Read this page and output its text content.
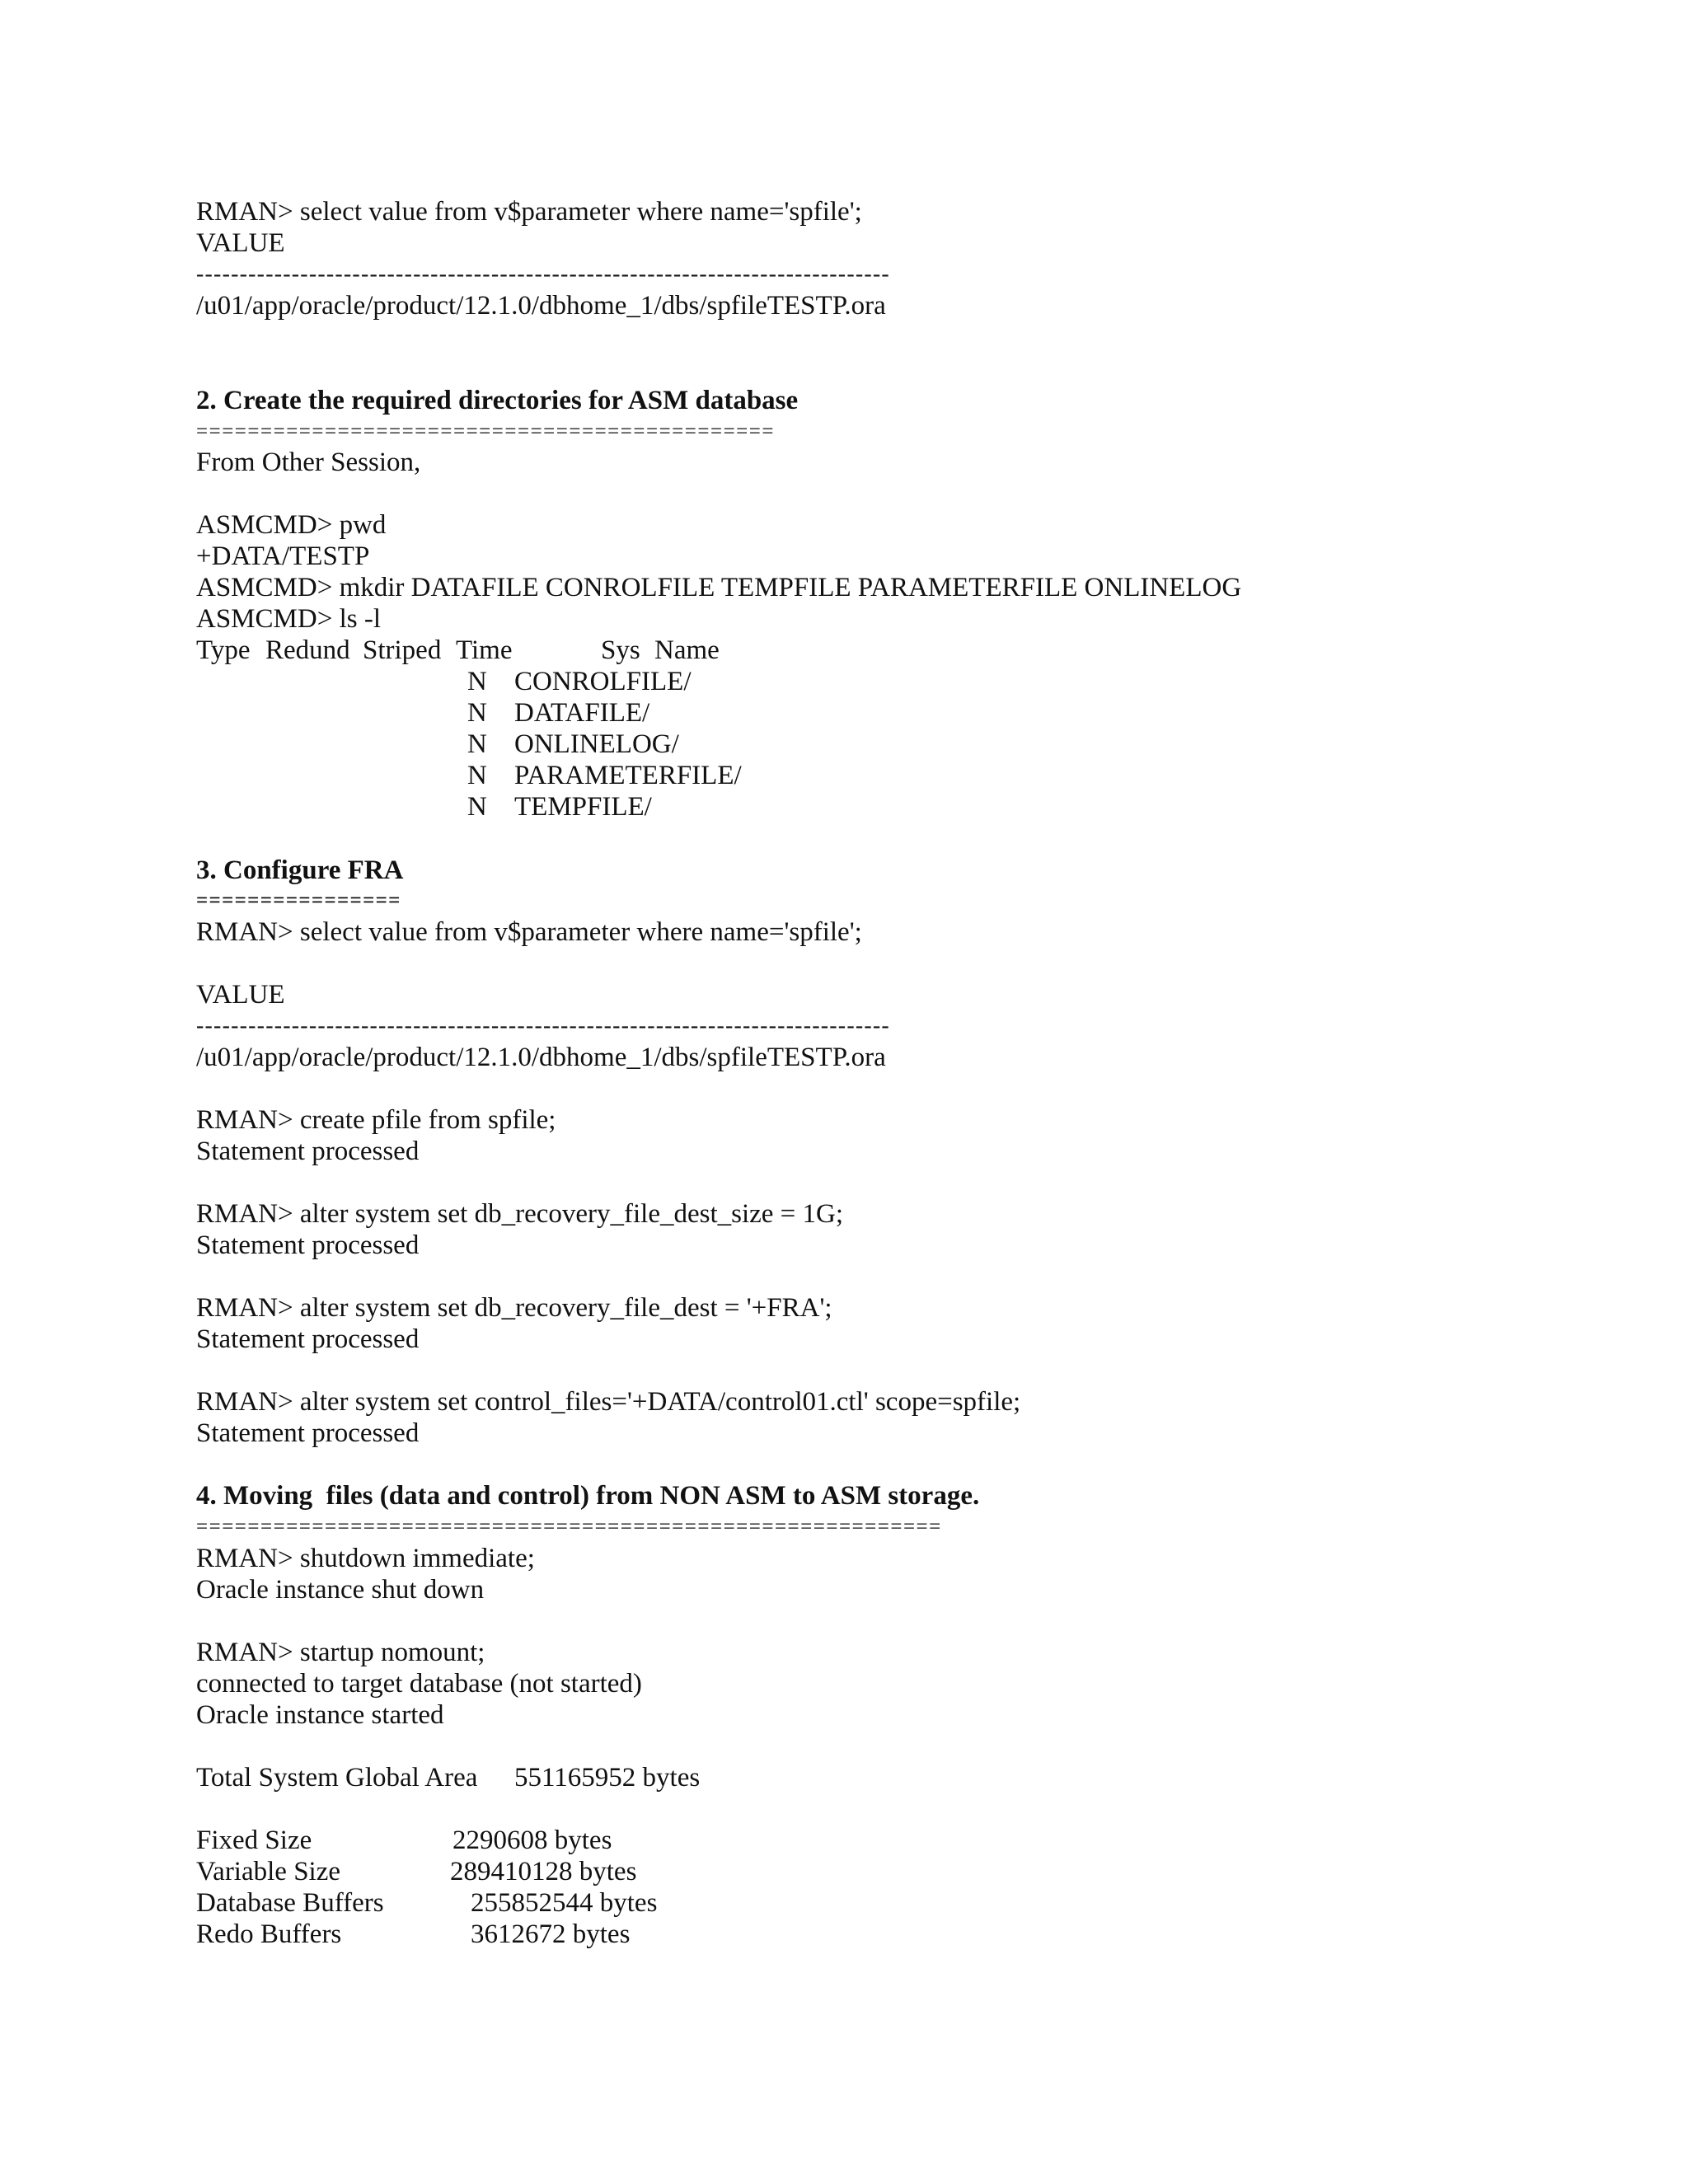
RMAN> select value from v$parameter where name='spfile';

VALUE

--------------------------------------------------------------------------------

/u01/app/oracle/product/12.1.0/dbhome_1/dbs/spfileTESTP.ora

2. Create the required directories for ASM database

=============================================

From Other Session,

ASMCMD> pwd

+DATA/TESTP

ASMCMD> mkdir DATAFILE CONROLFILE TEMPFILE PARAMETERFILE ONLINELOG

ASMCMD> ls -l

Type Redund Striped Time	Sys Name

N CONROLFILE/

N DATAFILE/

N ONLINELOG/

N PARAMETERFILE/

N TEMPFILE/

3. Configure FRA

================

RMAN> select value from v$parameter where name='spfile';

VALUE

--------------------------------------------------------------------------------

/u01/app/oracle/product/12.1.0/dbhome_1/dbs/spfileTESTP.ora

RMAN> create pfile from spfile;

Statement processed

RMAN> alter system set db_recovery_file_dest_size = 1G;

Statement processed

RMAN> alter system set db_recovery_file_dest = '+FRA';

Statement processed

RMAN> alter system set control_files='+DATA/control01.ctl' scope=spfile;

Statement processed

4. Moving  files (data and control) from NON ASM to ASM storage.

==========================================================

RMAN> shutdown immediate;

Oracle instance shut down

RMAN> startup nomount;

connected to target database (not started)

Oracle instance started

Total System Global Area 551165952 bytes

Fixed Size	2290608 bytes

Variable Size	289410128 bytes

Database Buffers	255852544 bytes

Redo Buffers	3612672 bytes
